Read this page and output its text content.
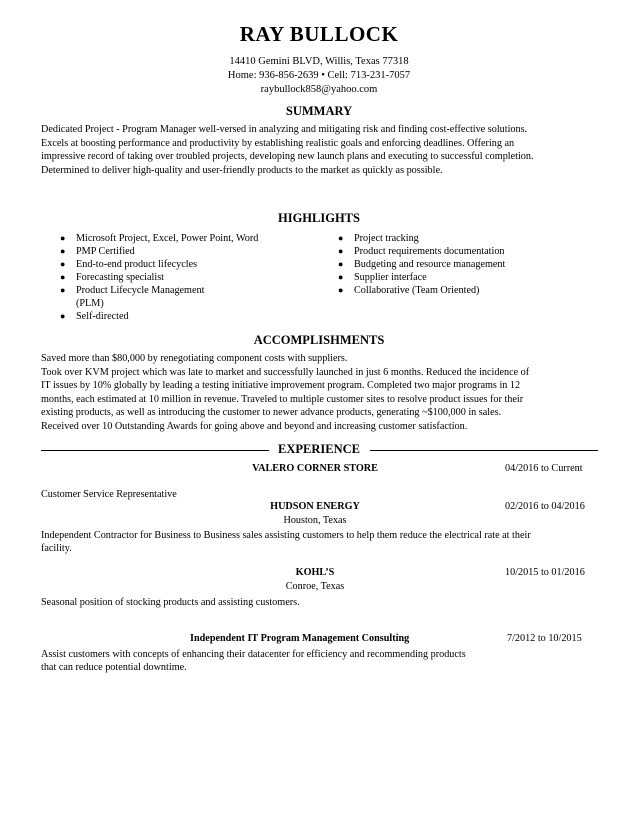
RAY BULLOCK
14410 Gemini BLVD, Willis, Texas 77318
Home: 936-856-2639 • Cell: 713-231-7057
raybullock858@yahoo.com
SUMMARY
Dedicated Project - Program Manager well-versed in analyzing and mitigating risk and finding cost-effective solutions.
Excels at boosting performance and productivity by establishing realistic goals and enforcing deadlines. Offering an
impressive record of taking over troubled projects, developing new launch plans and executing to successful completion.
Determined to deliver high-quality and user-friendly products to the market as quickly as possible.
HIGHLIGHTS
● Microsoft Project, Excel, Power Point, Word
● PMP Certified
● End-to-end product lifecycles
● Forecasting specialist
● Product Lifecycle Management
(PLM)
● Self-directed
● Project tracking
● Product requirements documentation
● Budgeting and resource management
● Supplier interface
● Collaborative (Team Oriented)
ACCOMPLISHMENTS
Saved more than $80,000 by renegotiating component costs with suppliers.
Took over KVM project which was late to market and successfully launched in just 6 months. Reduced the incidence of
IT issues by 10% globally by leading a testing initiative improvement program. Completed two major programs in 12
months, each estimated at 10 million in revenue. Traveled to multiple customer sites to resolve product issues for their
existing products, as well as introducing the customer to newer advance products, generating ~$100,000 in sales.
Received over 10 Outstanding Awards for going above and beyond and increasing customer satisfaction.
EXPERIENCE
VALERO CORNER STORE	04/2016 to Current
Customer Service Representative
HUDSON ENERGY	02/2016 to 04/2016
Houston, Texas
Independent Contractor for Business to Business sales assisting customers to help them reduce the electrical rate at their
facility.
KOHL’S	10/2015 to 01/2016
Conroe, Texas
Seasonal position of stocking products and assisting customers.
Independent IT Program Management Consulting	7/2012 to 10/2015
Assist customers with concepts of enhancing their datacenter for efficiency and recommending products
that can reduce potential downtime.
